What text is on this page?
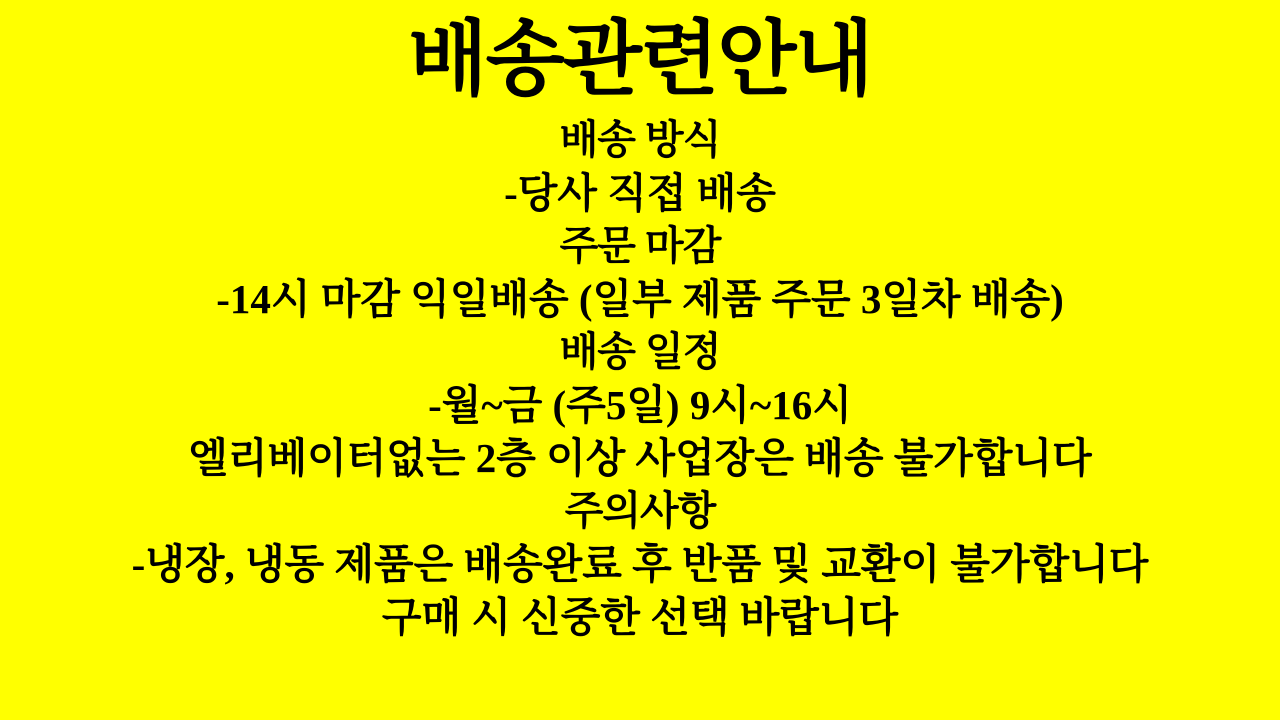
배송관련안내
배송 방식
-당사 직접 배송
주문 마감
-14시 마감 익일배송 (일부 제품 주문 3일차 배송)
배송 일정
-월~금 (주5일) 9시~16시
엘리베이터없는 2층 이상 사업장은 배송 불가합니다
주의사항
-냉장, 냉동 제품은 배송완료 후 반품 및 교환이 불가합니다
구매 시 신중한 선택 바랍니다
